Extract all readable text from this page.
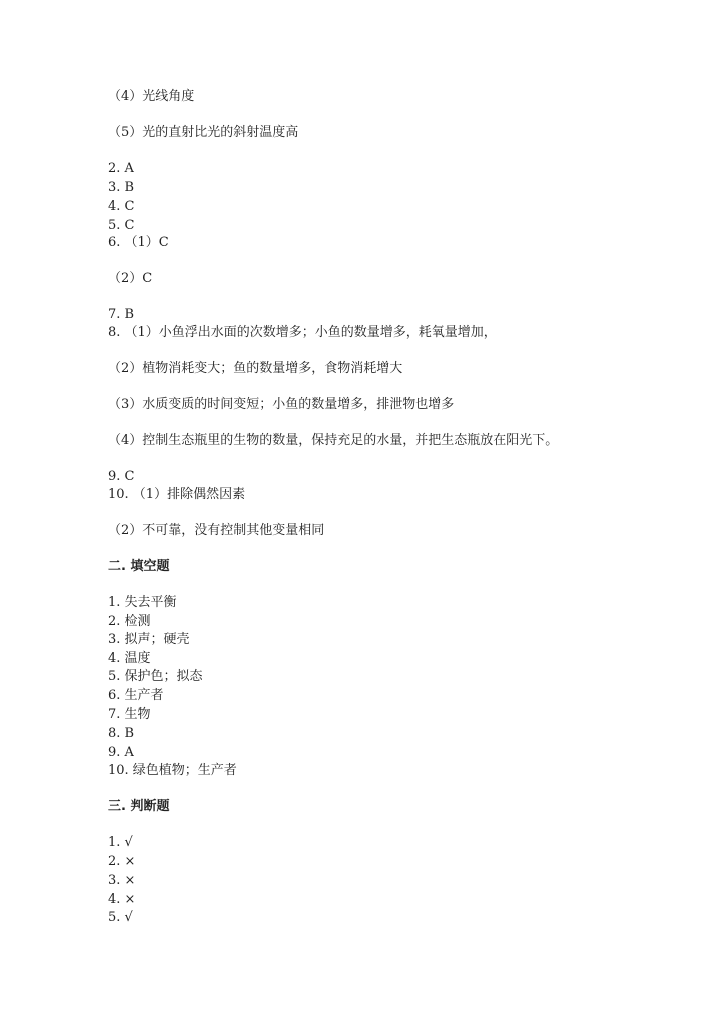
（4）光线角度
（5）光的直射比光的斜射温度高
2. A
3. B
4. C
5. C
6. （1）C
（2）C
7. B
8. （1）小鱼浮出水面的次数增多；小鱼的数量增多，耗氧量增加，
（2）植物消耗变大；鱼的数量增多，食物消耗增大
（3）水质变质的时间变短；小鱼的数量增多，排泄物也增多
（4）控制生态瓶里的生物的数量，保持充足的水量，并把生态瓶放在阳光下。
9. C
10. （1）排除偶然因素
（2）不可靠，没有控制其他变量相同
二. 填空题
1. 失去平衡
2. 检测
3. 拟声；硬壳
4. 温度
5. 保护色；拟态
6. 生产者
7. 生物
8. B
9. A
10. 绿色植物；生产者
三. 判断题
1. √
2. ×
3. ×
4. ×
5. √
